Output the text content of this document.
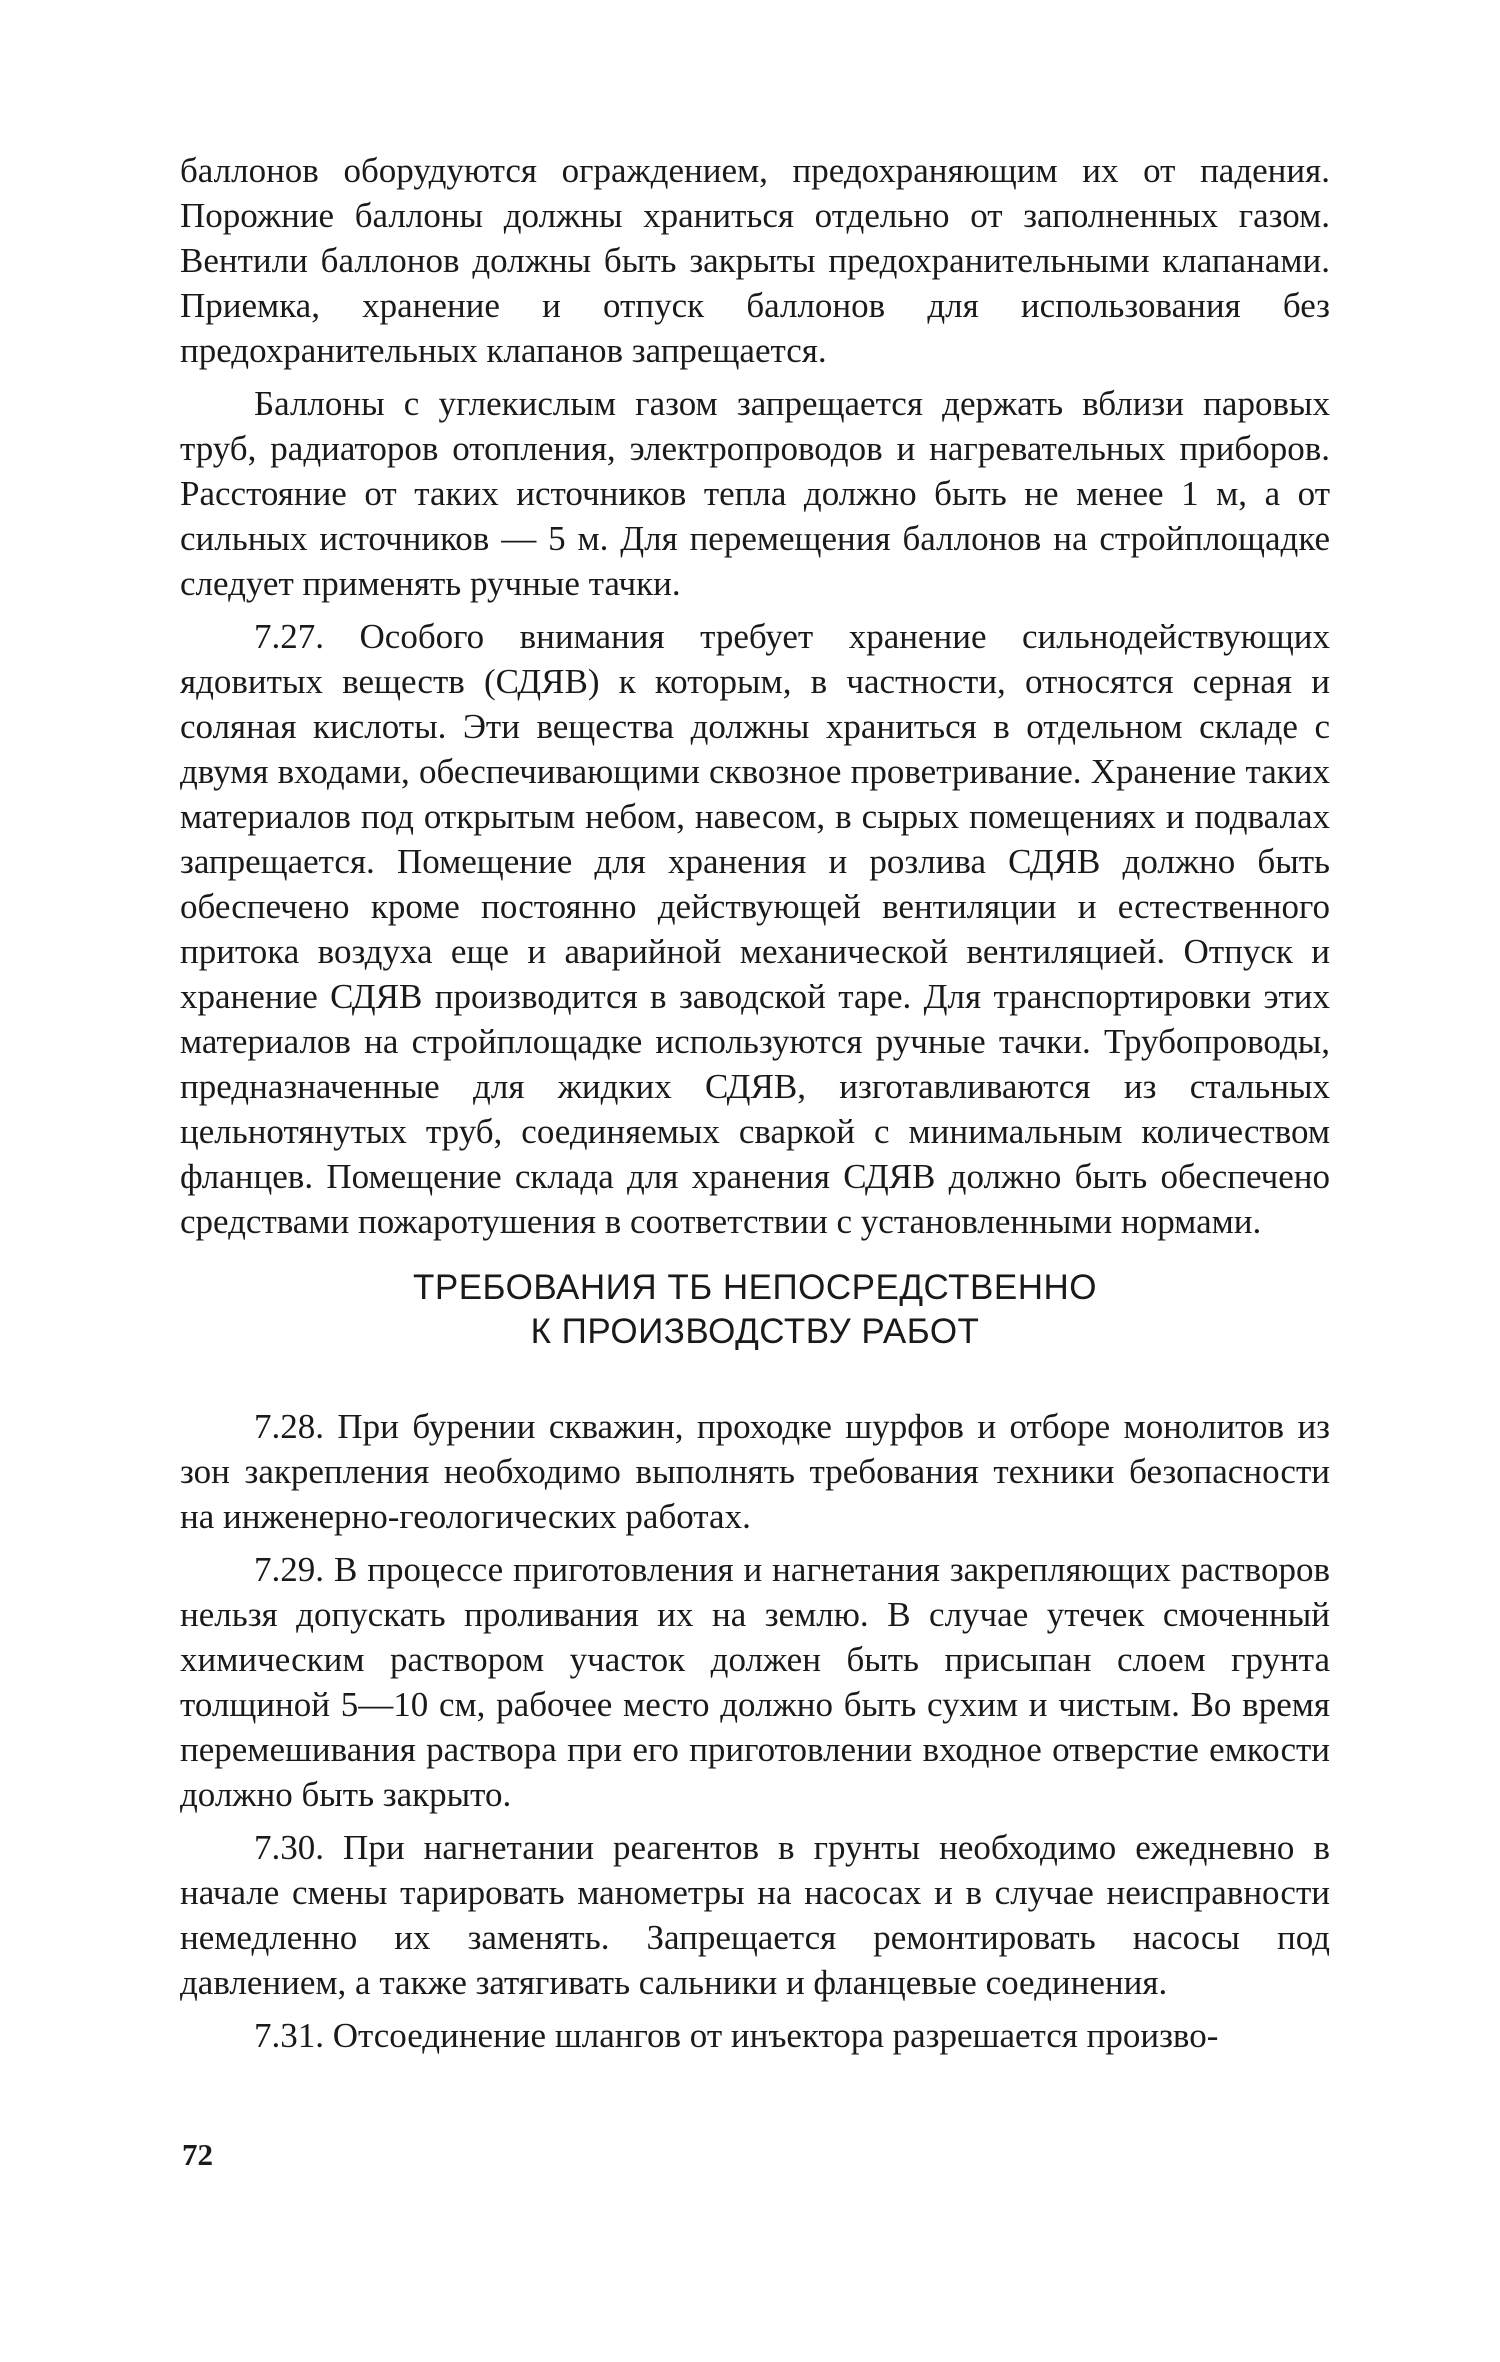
баллонов оборудуются ограждением, предохраняющим их от падения. Порожние баллоны должны храниться отдельно от заполненных газом. Вентили баллонов должны быть закрыты предохранительными клапанами. Приемка, хранение и отпуск баллонов для использования без предохранительных клапанов запрещается.

Баллоны с углекислым газом запрещается держать вблизи паровых труб, радиаторов отопления, электропроводов и нагревательных приборов. Расстояние от таких источников тепла должно быть не менее 1 м, а от сильных источников — 5 м. Для перемещения баллонов на стройплощадке следует применять ручные тачки.

7.27. Особого внимания требует хранение сильнодействующих ядовитых веществ (СДЯВ) к которым, в частности, относятся серная и соляная кислоты. Эти вещества должны храниться в отдельном складе с двумя входами, обеспечивающими сквозное проветривание. Хранение таких материалов под открытым небом, навесом, в сырых помещениях и подвалах запрещается. Помещение для хранения и розлива СДЯВ должно быть обеспечено кроме постоянно действующей вентиляции и естественного притока воздуха еще и аварийной механической вентиляцией. Отпуск и хранение СДЯВ производится в заводской таре. Для транспортировки этих материалов на стройплощадке используются ручные тачки. Трубопроводы, предназначенные для жидких СДЯВ, изготавливаются из стальных цельнотянутых труб, соединяемых сваркой с минимальным количеством фланцев. Помещение склада для хранения СДЯВ должно быть обеспечено средствами пожаротушения в соответствии с установленными нормами.

ТРЕБОВАНИЯ ТБ НЕПОСРЕДСТВЕННО
К ПРОИЗВОДСТВУ РАБОТ

7.28. При бурении скважин, проходке шурфов и отборе монолитов из зон закрепления необходимо выполнять требования техники безопасности на инженерно-геологических работах.

7.29. В процессе приготовления и нагнетания закрепляющих растворов нельзя допускать проливания их на землю. В случае утечек смоченный химическим раствором участок должен быть присыпан слоем грунта толщиной 5—10 см, рабочее место должно быть сухим и чистым. Во время перемешивания раствора при его приготовлении входное отверстие емкости должно быть закрыто.

7.30. При нагнетании реагентов в грунты необходимо ежедневно в начале смены тарировать манометры на насосах и в случае неисправности немедленно их заменять. Запрещается ремонтировать насосы под давлением, а также затягивать сальники и фланцевые соединения.

7.31. Отсоединение шлангов от инъектора разрешается произво-

72
